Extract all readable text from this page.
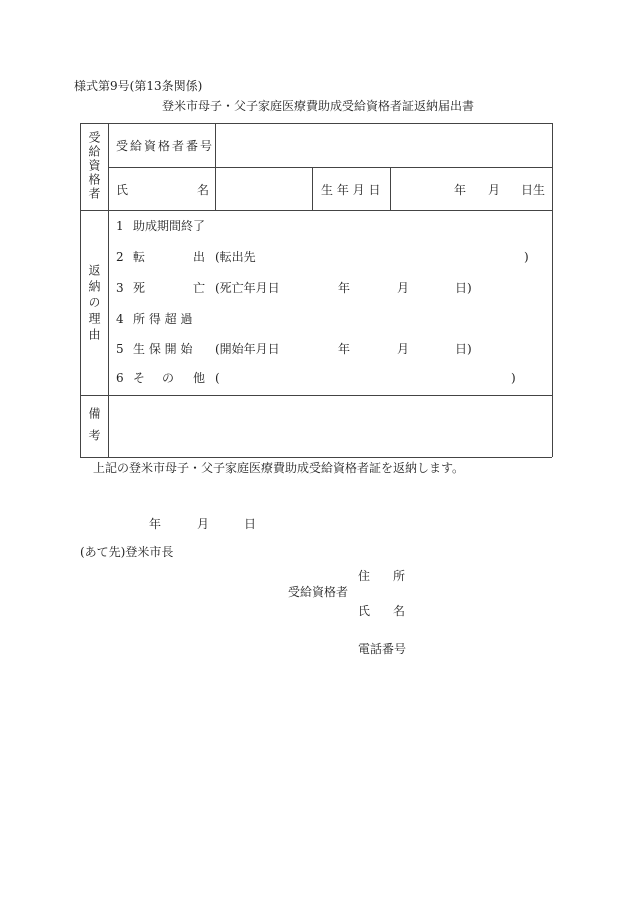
様式第9号(第13条関係)
登米市母子・父子家庭医療費助成受給資格者証返納届出書
受給資格者 受給資格者番号
氏	名	生 年 月 日	年 月 日生
返納の理由
1 助成期間終了
2 転	出 (転出先	)
3 死	亡 (死亡年月日	年	月	日)
4 所 得 超 過
5 生 保 開 始 (開始年月日	年	月	日)
6 そ の 他 (	)
備考
上記の登米市母子・父子家庭医療費助成受給資格者証を返納します。
年	月	日
(あて先)登米市長
住 所
受給資格者
氏 名
電話番号
